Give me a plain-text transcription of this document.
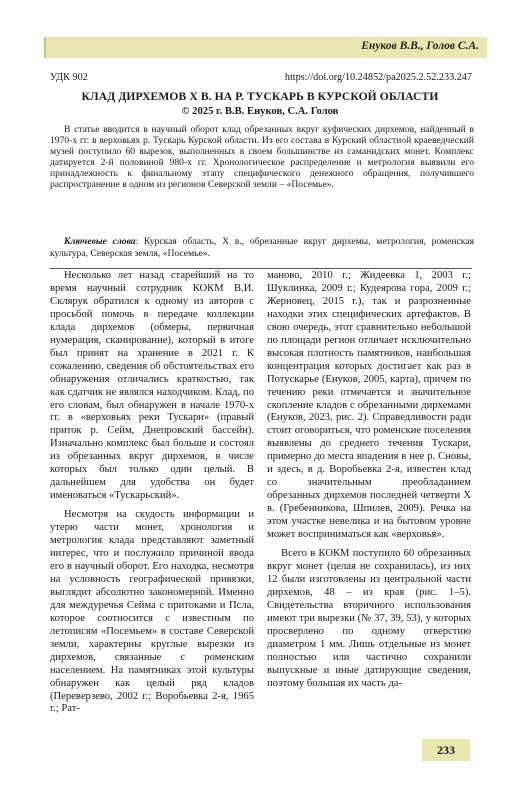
Енуков В.В., Голов С.А.
УДК 902	https://doi.org/10.24852/pa2025.2.52.233.247
КЛАД ДИРХЕМОВ X В. НА Р. ТУСКАРЬ В КУРСКОЙ ОБЛАСТИ
© 2025 г. В.В. Енуков, С.А. Голов
В статье вводится в научный оборот клад обрезанных вкруг куфических дирхемов, найденный в 1970-х гг. в верховьях р. Тускарь Курской области. Из его состава в Курский областной краеведческий музей поступило 60 вырезок, выполненных в своем большинстве из саманидских монет. Комплекс датируется 2-й половиной 980-х гг. Хронологическое распределение и метрология выявили его принадлежность к финальному этапу специфического денежного обращения, получившего распространение в одном из регионов Северской земли – «Посемье».
Ключевые слова: Курская область, X в., обрезанные вкруг дирхемы, метрология, роменская культура, Северская земля, «Посемье».

Несколько лет назад старейший на то время научный сотрудник КОКМ В.И. Склярук обратился к одному из авторов с просьбой помочь в передаче коллекции клада дирхемов (обмеры, первичная нумерация, сканирование), который в итоге был принят на хранение в 2021 г. К сожалению, сведения об обстоятельствах его обнаружения отличались краткостью, так как сдатчик не являлся находчиком. Клад, по его словам, был обнаружен в начале 1970-х гг. в «верховьях реки Тускари» (правый приток р. Сейм, Днепровский бассейн). Изначально комплекс был больше и состоял из обрезанных вкруг дирхемов, в числе которых был только один целый. В дальнейшем для удобства он будет именоваться «Тускарьский».

Несмотря на скудость информации и утерю части монет, хронология и метрология клада представляют заметный интерес, что и послужило причиной ввода его в научный оборот. Его находка, несмотря на условность географической привязки, выглядит абсолютно закономерной. Именно для междуречья Сейма с притоками и Псла, которое соотносится с известным по летописям «Посемьем» в составе Северской земли, характерны круглые вырезки из дирхемов, связанные с роменским населением. На памятниках этой культуры обнаружен как целый ряд кладов (Переверзево, 2002 г.; Воробьевка 2-я, 1965 г.; Рат-

маново, 2010 г.; Жидеевка 1, 2003 г.; Шуклинка, 2009 г.; Кудеярова гора, 2009 г.; Жерновец, 2015 г.), так и разрозненные находки этих специфических артефактов. В свою очередь, этот сравнительно небольшой по площади регион отличает исключительно высокая плотность памятников, наибольшая концентрация которых достигает как раз в Потускарье (Енуков, 2005, карта), причем по течению реки отмечается и значительное скопление кладов с обрезанными дирхемами (Енуков, 2023, рис. 2). Справедливости ради стоит оговориться, что роменские поселения выявлены до среднего течения Тускари, примерно до места впадения в нее р. Сновы, и здесь, в д. Воробьевка 2-я, известен клад со значительным преобладанием обрезанных дирхемов последней четверти X в. (Гребенникова, Шпилев, 2009). Речка на этом участке невелика и на бытовом уровне может восприниматься как «верховья».

Всего в КОКМ поступило 60 обрезанных вкруг монет (целая не сохранилась), из них 12 были изготовлены из центральной части дирхемов, 48 – из края (рис. 1–5). Свидетельства вторичного использования имеют три вырезки (№ 37, 39, 53), у которых просверлено по одному отверстию диаметром 1 мм. Лишь отдельные из монет полностью или частично сохранили выпускные и иные датирующие сведения, поэтому большая их часть да-

233
